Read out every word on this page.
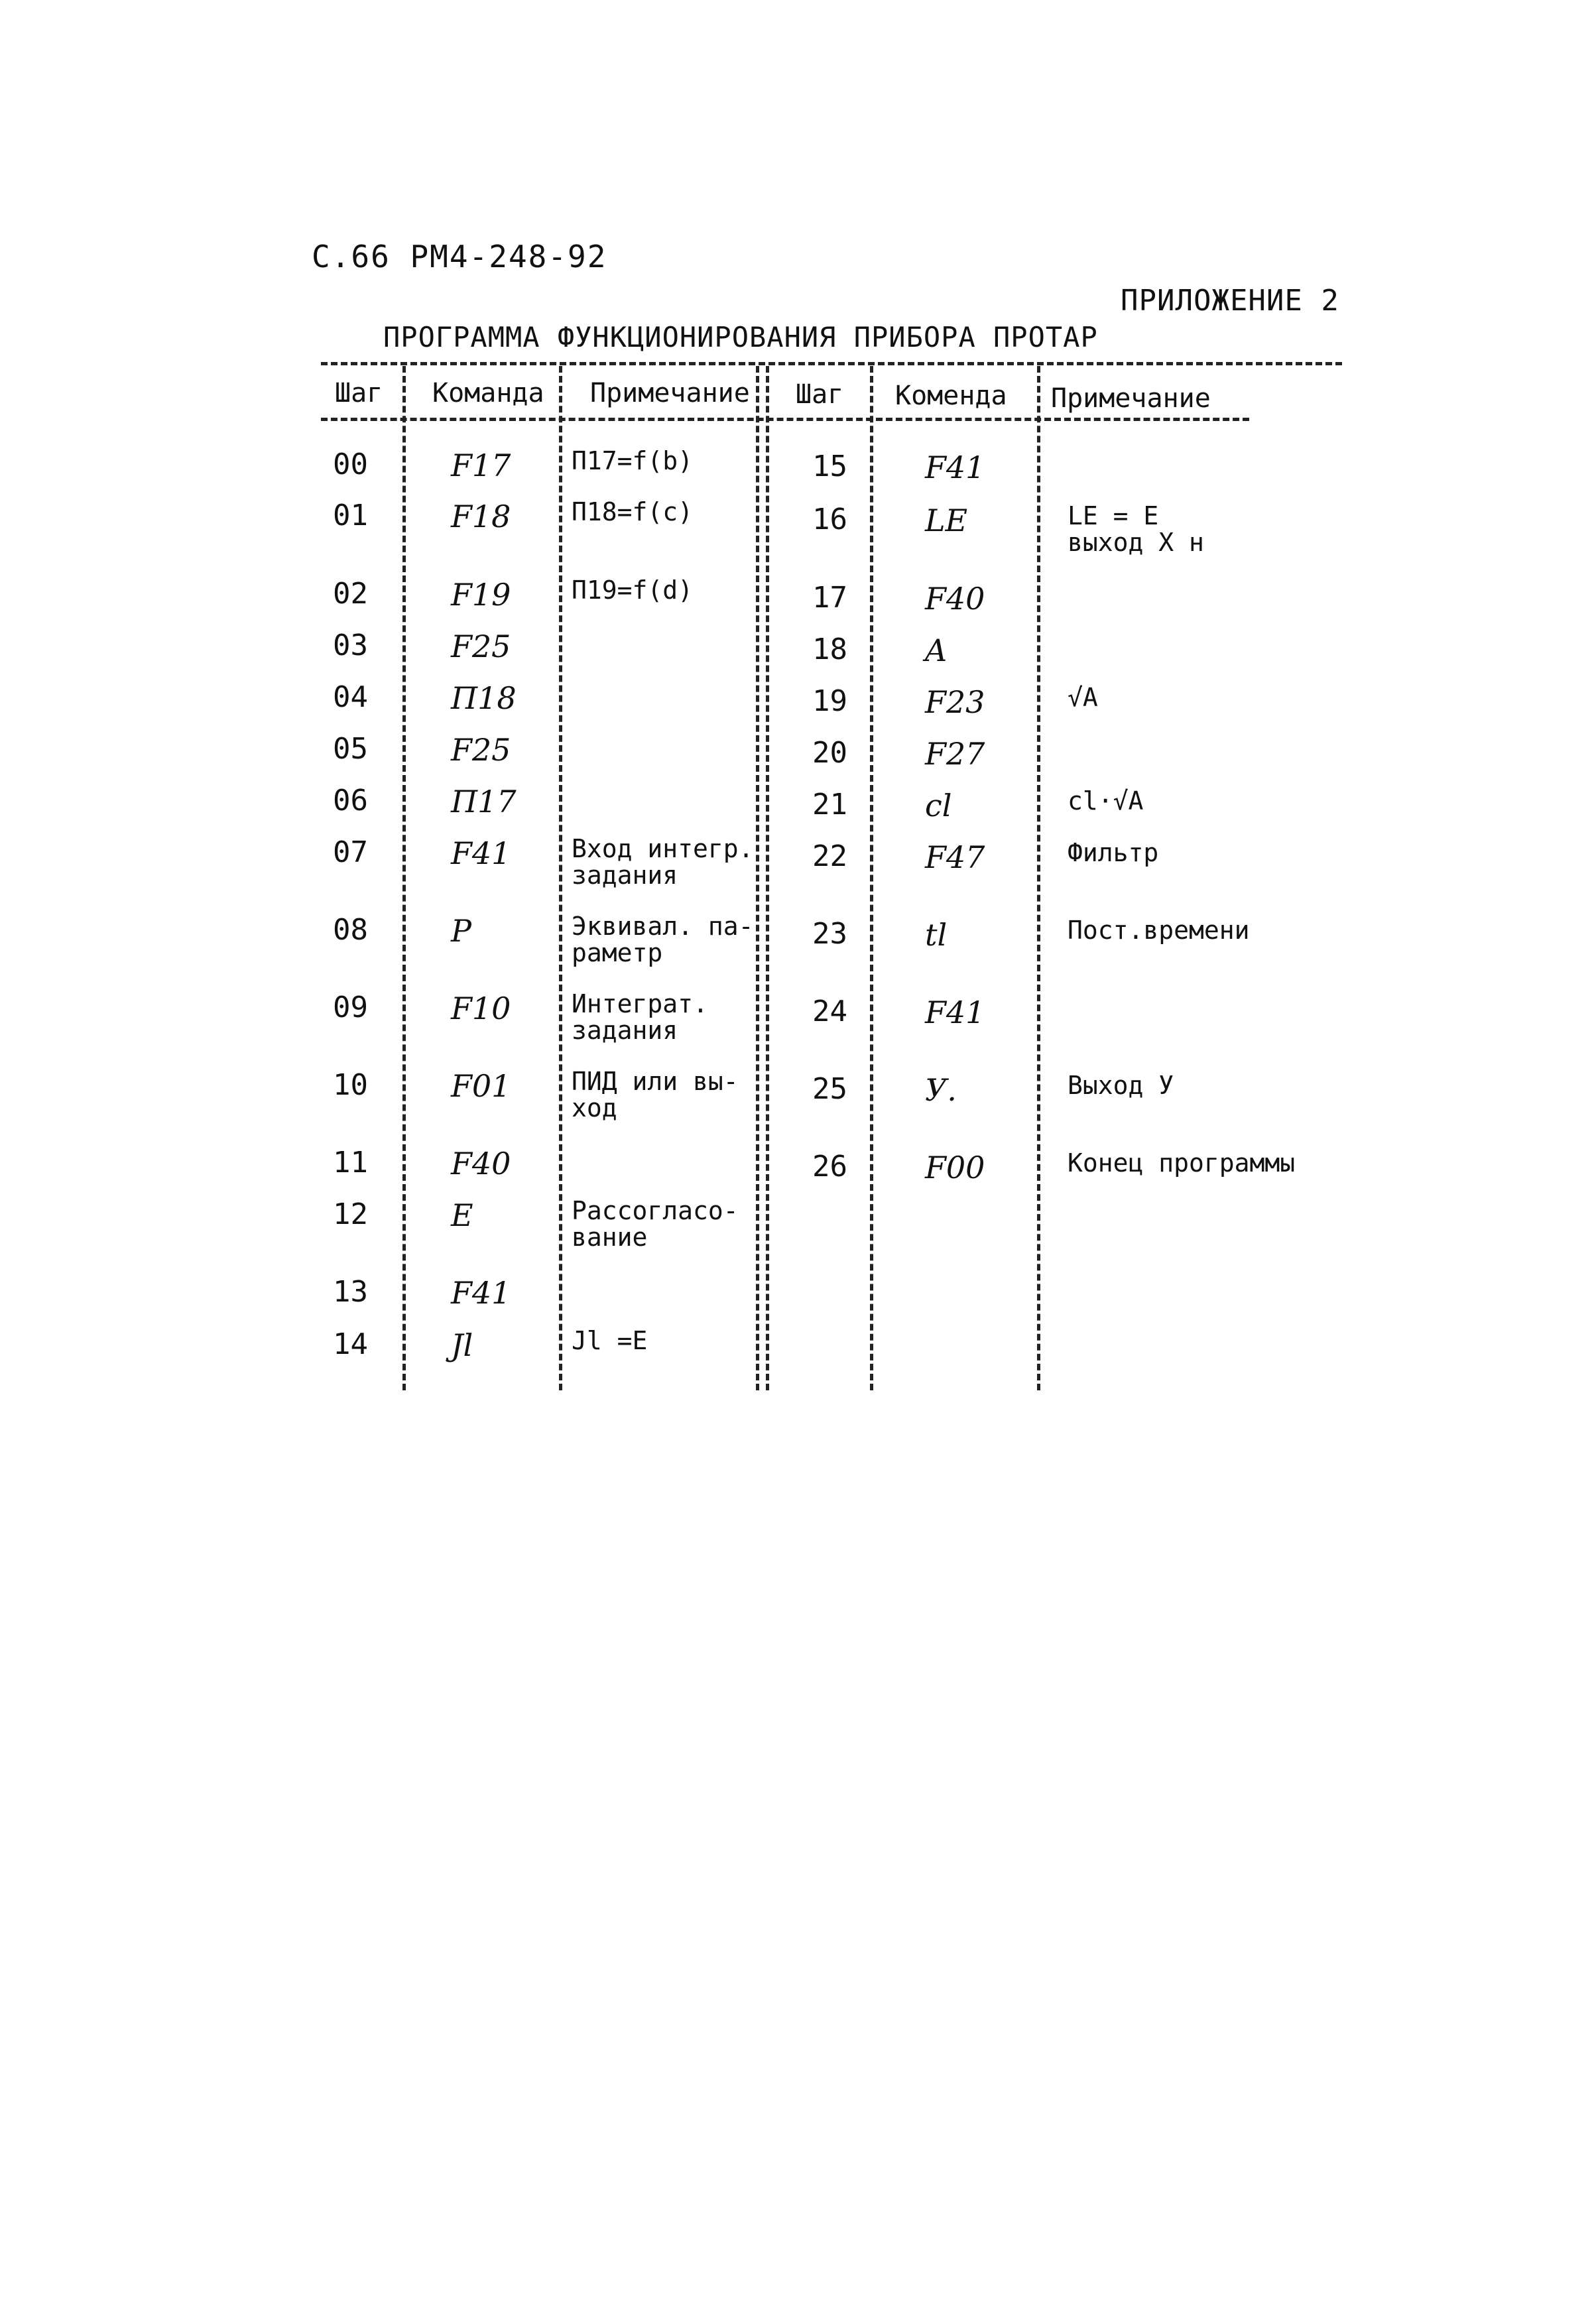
С.66 РМ4-248-92
ПРИЛОЖЕНИЕ 2
ПРОГРАММА ФУНКЦИОНИРОВАНИЯ ПРИБОРА ПРОТАР
Шаг Команда Примечание Шаг Коменда Примечание
00	F17 П17=f(b)
01	F18 П18=f(c)
02	F19 П19=f(d)
03	F25
04	П18
05	F25
06	П17
07	F41 Вход интегр.
задания
08	P	Эквивал. па-
раметр
09	F10 Интеграт.
задания
10	F01 ПИД или вы-
ход
11	F40
12	E	Рассогласо-
вание
13	F41
14	Jl	Jl =E
15	F41
16	LE	LE = E
выход X н
17	F40
18	A
19	F23	√A
20	F27
21	cl	cl·√A
22	F47	Фильтр
23	tl	Пост.времени
24	F41
25	У.	Выход У
26	F00	Конец программы
